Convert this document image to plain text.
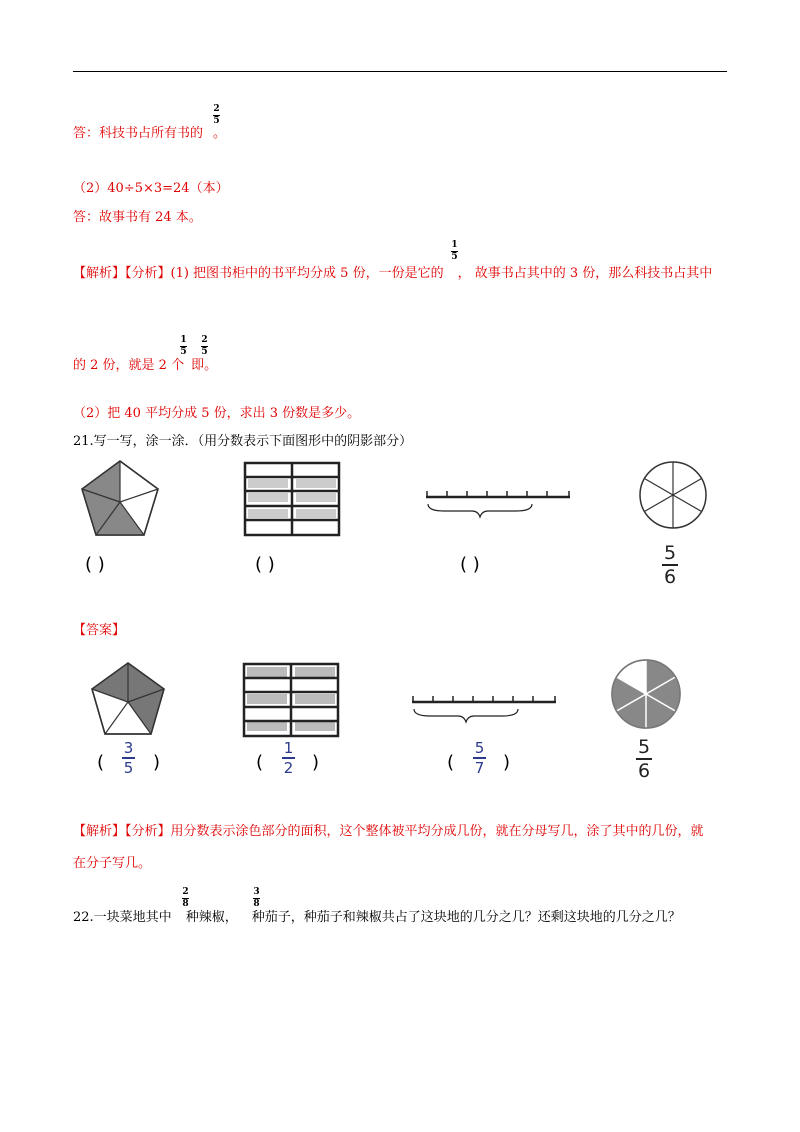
答：科技书占所有书的 。
2
5
（2）40÷5×3=24（本）
答：故事书有 24 本。
【解析】【分析】(1) 把图书柜中的书平均分成 5 份，一份是它的 ， 故事书占其中的 3 份，那么科技书占其中
1
5
的 2 份，就是 2 个 即。
1
5
2
5
（2）把 40 平均分成 5 份，求出 3 份数是多少。
21.写一写，涂一涂．（用分数表示下面图形中的阴影部分）
( )	( )	( )
5
6
【答案】
(
3
5 )	(
1
2 )	(
5
7 )
5
6
【解析】【分析】用分数表示涂色部分的面积，这个整体被平均分成几份，就在分母写几，涂了其中的几份，就
在分子写几。
22.一块菜地其中 种辣椒， 种茄子，种茄子和辣椒共占了这块地的几分之几？还剩这块地的几分之几？
2
8
3
8
